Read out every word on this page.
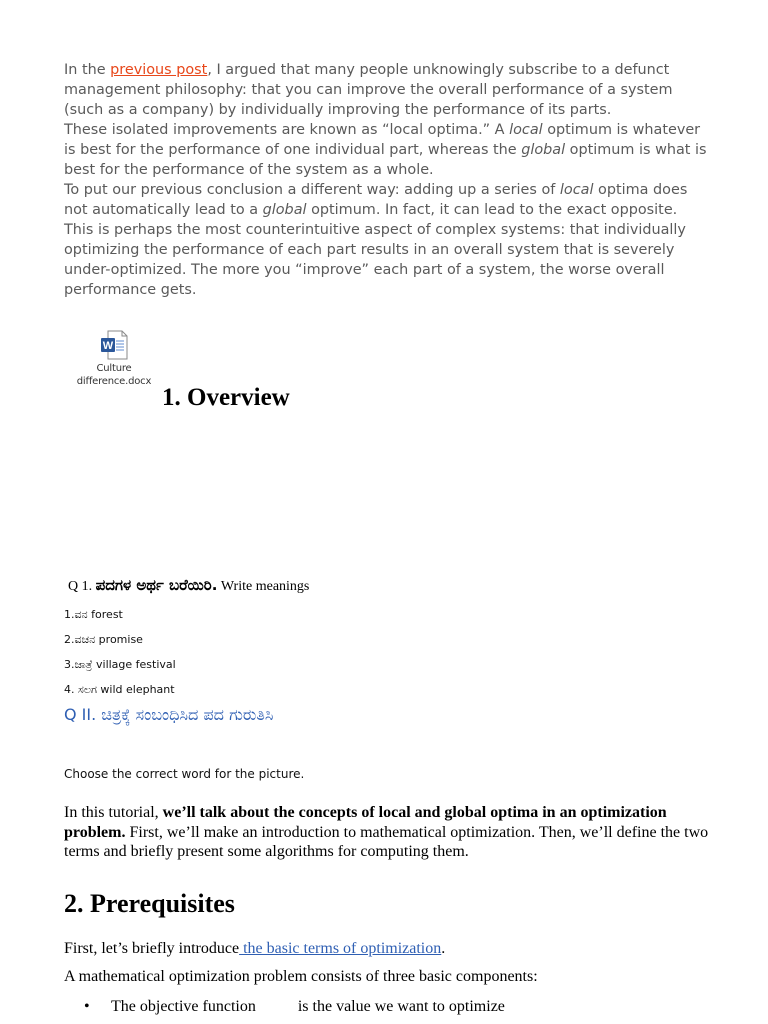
In the previous post, I argued that many people unknowingly subscribe to a defunct management philosophy: that you can improve the overall performance of a system (such as a company) by individually improving the performance of its parts.

These isolated improvements are known as “local optima.” A local optimum is whatever is best for the performance of one individual part, whereas the global optimum is what is best for the performance of the system as a whole.

To put our previous conclusion a different way: adding up a series of local optima does not automatically lead to a global optimum. In fact, it can lead to the exact opposite.

This is perhaps the most counterintuitive aspect of complex systems: that individually optimizing the performance of each part results in an overall system that is severely under-optimized. The more you “improve” each part of a system, the worse overall performance gets.

W
Culture
difference.docx
1. Overview

Q 1. ಪದಗಳ ಅರ್ಥ ಬರೆಯಿರಿ. Write meanings

1.ವನ forest
2.ವಚನ promise
3.ಜಾತ್ರೆ village festival
4. ಸಲಗ wild elephant
Q II. ಚಿತ್ರಕ್ಕೆ ಸಂಬಂಧಿಸಿದ ಪದ ಗುರುತಿಸಿ

Choose the correct word for the picture.

In this tutorial, we’ll talk about the concepts of local and global optima in an optimization problem. First, we’ll make an introduction to mathematical optimization. Then, we’ll define the two terms and briefly present some algorithms for computing them.

2. Prerequisites

First, let’s briefly introduce the basic terms of optimization.

A mathematical optimization problem consists of three basic components:

• The objective function	is the value we want to optimize
